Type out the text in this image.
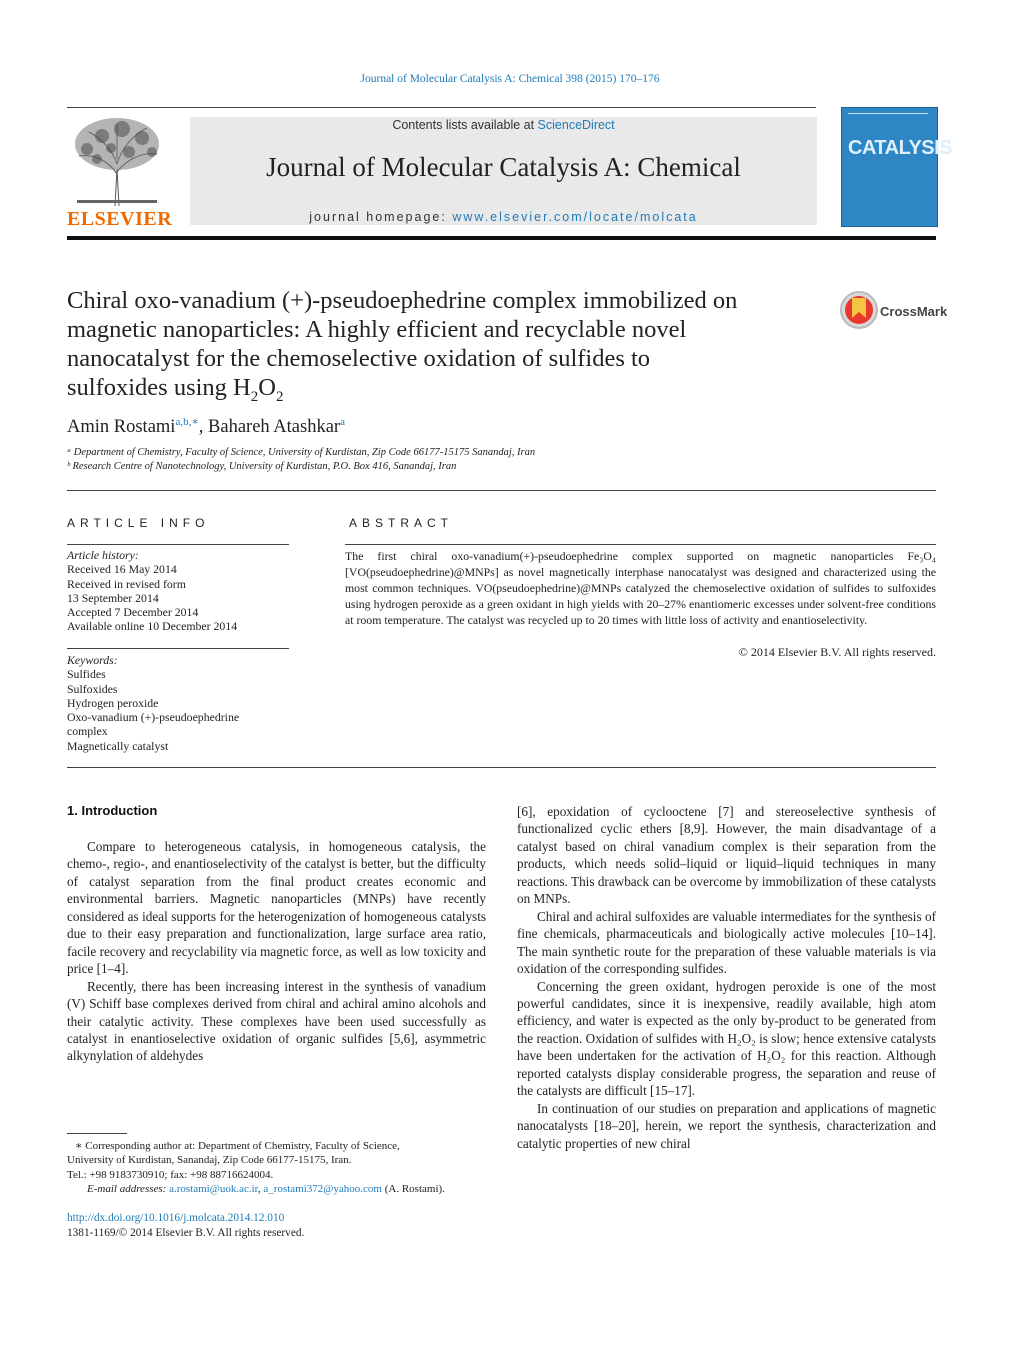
Journal of Molecular Catalysis A: Chemical 398 (2015) 170–176
ELSEVIER
Contents lists available at ScienceDirect
Journal of Molecular Catalysis A: Chemical
journal homepage: www.elsevier.com/locate/molcata
CATALYSIS
Chiral oxo-vanadium (+)-pseudoephedrine complex immobilized on
magnetic nanoparticles: A highly efficient and recyclable novel
nanocatalyst for the chemoselective oxidation of sulfides to
sulfoxides using $H_2O_2$
CrossMark
Amin Rostami$^{a,b,∗}$, Bahareh Atashkar$^a$
ᵃ Department of Chemistry, Faculty of Science, University of Kurdistan, Zip Code 66177-15175 Sanandaj, Iran
ᵇ Research Centre of Nanotechnology, University of Kurdistan, P.O. Box 416, Sanandaj, Iran
ARTICLE INFO
Article history:
Received 16 May 2014
Received in revised form
13 September 2014
Accepted 7 December 2014
Available online 10 December 2014
Keywords:
Sulfides
Sulfoxides
Hydrogen peroxide
Oxo-vanadium (+)-pseudoephedrine
complex
Magnetically catalyst
ABSTRACT
The first chiral oxo-vanadium(+)-pseudoephedrine complex supported on magnetic nanoparticles Fe₃O₄ [VO(pseudoephedrine)@MNPs] as novel magnetically interphase nanocatalyst was designed and characterized using the most common techniques. VO(pseudoephedrine)@MNPs catalyzed the chemoselective oxidation of sulfides to sulfoxides using hydrogen peroxide as a green oxidant in high yields with 20–27% enantiomeric excesses under solvent-free conditions at room temperature. The catalyst was recycled up to 20 times with little loss of activity and enantioselectivity.
© 2014 Elsevier B.V. All rights reserved.
1. Introduction

Compare to heterogeneous catalysis, in homogeneous catalysis, the chemo-, regio-, and enantioselectivity of the catalyst is better, but the difficulty of catalyst separation from the final product creates economic and environmental barriers. Magnetic nanoparticles (MNPs) have recently considered as ideal supports for the heterogenization of homogeneous catalysts due to their easy preparation and functionalization, large surface area ratio, facile recovery and recyclability via magnetic force, as well as low toxicity and price [1–4].

Recently, there has been increasing interest in the synthesis of vanadium (V) Schiff base complexes derived from chiral and achiral amino alcohols and their catalytic activity. These complexes have been used successfully as catalyst in enantioselective oxidation of organic sulfides [5,6], asymmetric alkynylation of aldehydes

[6], epoxidation of cyclooctene [7] and stereoselective synthesis of functionalized cyclic ethers [8,9]. However, the main disadvantage of a catalyst based on chiral vanadium complex is their separation from the products, which needs solid–liquid or liquid–liquid techniques in many reactions. This drawback can be overcome by immobilization of these catalysts on MNPs.

Chiral and achiral sulfoxides are valuable intermediates for the synthesis of fine chemicals, pharmaceuticals and biologically active molecules [10–14]. The main synthetic route for the preparation of these valuable materials is via oxidation of the corresponding sulfides.

Concerning the green oxidant, hydrogen peroxide is one of the most powerful candidates, since it is inexpensive, readily available, high atom efficiency, and water is expected as the only by-product to be generated from the reaction. Oxidation of sulfides with H₂O₂ is slow; hence extensive catalysts have been undertaken for the activation of H₂O₂ for this reaction. Although reported catalysts display considerable progress, the separation and reuse of the catalysts are difficult [15–17].

In continuation of our studies on preparation and applications of magnetic nanocatalysts [18–20], herein, we report the synthesis, characterization and catalytic properties of new chiral

∗ Corresponding author at: Department of Chemistry, Faculty of Science,
University of Kurdistan, Sanandaj, Zip Code 66177-15175, Iran.
Tel.: +98 9183730910; fax: +98 88716624004.
E-mail addresses: a.rostami@uok.ac.ir, a_rostami372@yahoo.com (A. Rostami).
http://dx.doi.org/10.1016/j.molcata.2014.12.010
1381-1169/© 2014 Elsevier B.V. All rights reserved.
